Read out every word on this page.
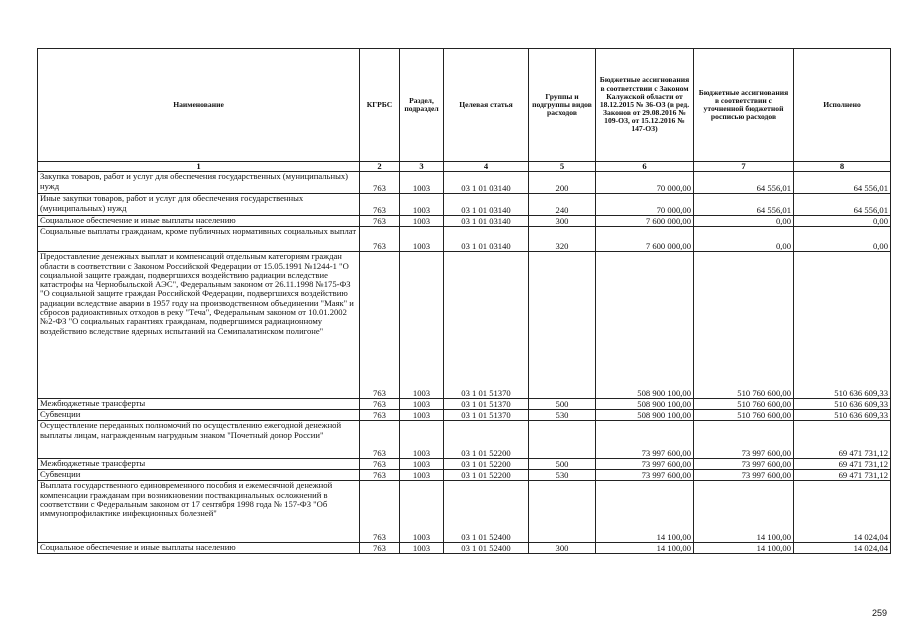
Наименование	КГРБС	Раздел, подраздел	Целевая статья	Группы и подгруппы видов расходов	Бюджетные ассигнования в соответствии с Законом Калужской области от 18.12.2015 № 36-ОЗ (в ред. Законов от 29.08.2016 № 109-ОЗ, от 15.12.2016 № 147-ОЗ)	Бюджетные ассигнования в соответствии с уточненной бюджетной росписью расходов	Исполнено
1	2	3	4	5	6	7	8
Закупка товаров, работ и услуг для обеспечения государственных (муниципальных) нужд	763	1003	03 1 01 03140	200	70 000,00	64 556,01	64 556,01
Иные закупки товаров, работ и услуг для обеспечения государственных (муниципальных) нужд	763	1003	03 1 01 03140	240	70 000,00	64 556,01	64 556,01
Социальное обеспечение и иные выплаты населению	763	1003	03 1 01 03140	300	7 600 000,00	0,00	0,00
Социальные выплаты гражданам, кроме публичных нормативных социальных выплат	763	1003	03 1 01 03140	320	7 600 000,00	0,00	0,00
Предоставление денежных выплат и компенсаций отдельным категориям граждан области в соответствии с Законом Российской Федерации от 15.05.1991 №1244-1 "О социальной защите граждан, подвергшихся воздействию радиации вследствие катастрофы на Чернобыльской АЭС", Федеральным законом от 26.11.1998 №175-ФЗ "О социальной защите граждан Российской Федерации, подвергшихся воздействию радиации вследствие аварии в 1957 году на производственном объединении "Маяк" и сбросов радиоактивных отходов в реку "Теча", Федеральным законом от 10.01.2002 №2-ФЗ "О социальных гарантиях гражданам, подвергшимся радиационному воздействию вследствие ядерных испытаний на Семипалатинском полигоне"	763	1003	03 1 01 51370		508 900 100,00	510 760 600,00	510 636 609,33
Межбюджетные трансферты	763	1003	03 1 01 51370	500	508 900 100,00	510 760 600,00	510 636 609,33
Субвенции	763	1003	03 1 01 51370	530	508 900 100,00	510 760 600,00	510 636 609,33
Осуществление переданных полномочий по осуществлению ежегодной денежной выплаты лицам, награжденным нагрудным знаком "Почетный донор России"	763	1003	03 1 01 52200		73 997 600,00	73 997 600,00	69 471 731,12
Межбюджетные трансферты	763	1003	03 1 01 52200	500	73 997 600,00	73 997 600,00	69 471 731,12
Субвенции	763	1003	03 1 01 52200	530	73 997 600,00	73 997 600,00	69 471 731,12
Выплата государственного единовременного пособия и ежемесячной денежной компенсации гражданам при возникновении поствакцинальных осложнений в соответствии с Федеральным законом от 17 сентября 1998 года № 157-ФЗ "Об иммунопрофилактике инфекционных болезней"	763	1003	03 1 01 52400		14 100,00	14 100,00	14 024,04
Социальное обеспечение и иные выплаты населению	763	1003	03 1 01 52400	300	14 100,00	14 100,00	14 024,04
259
